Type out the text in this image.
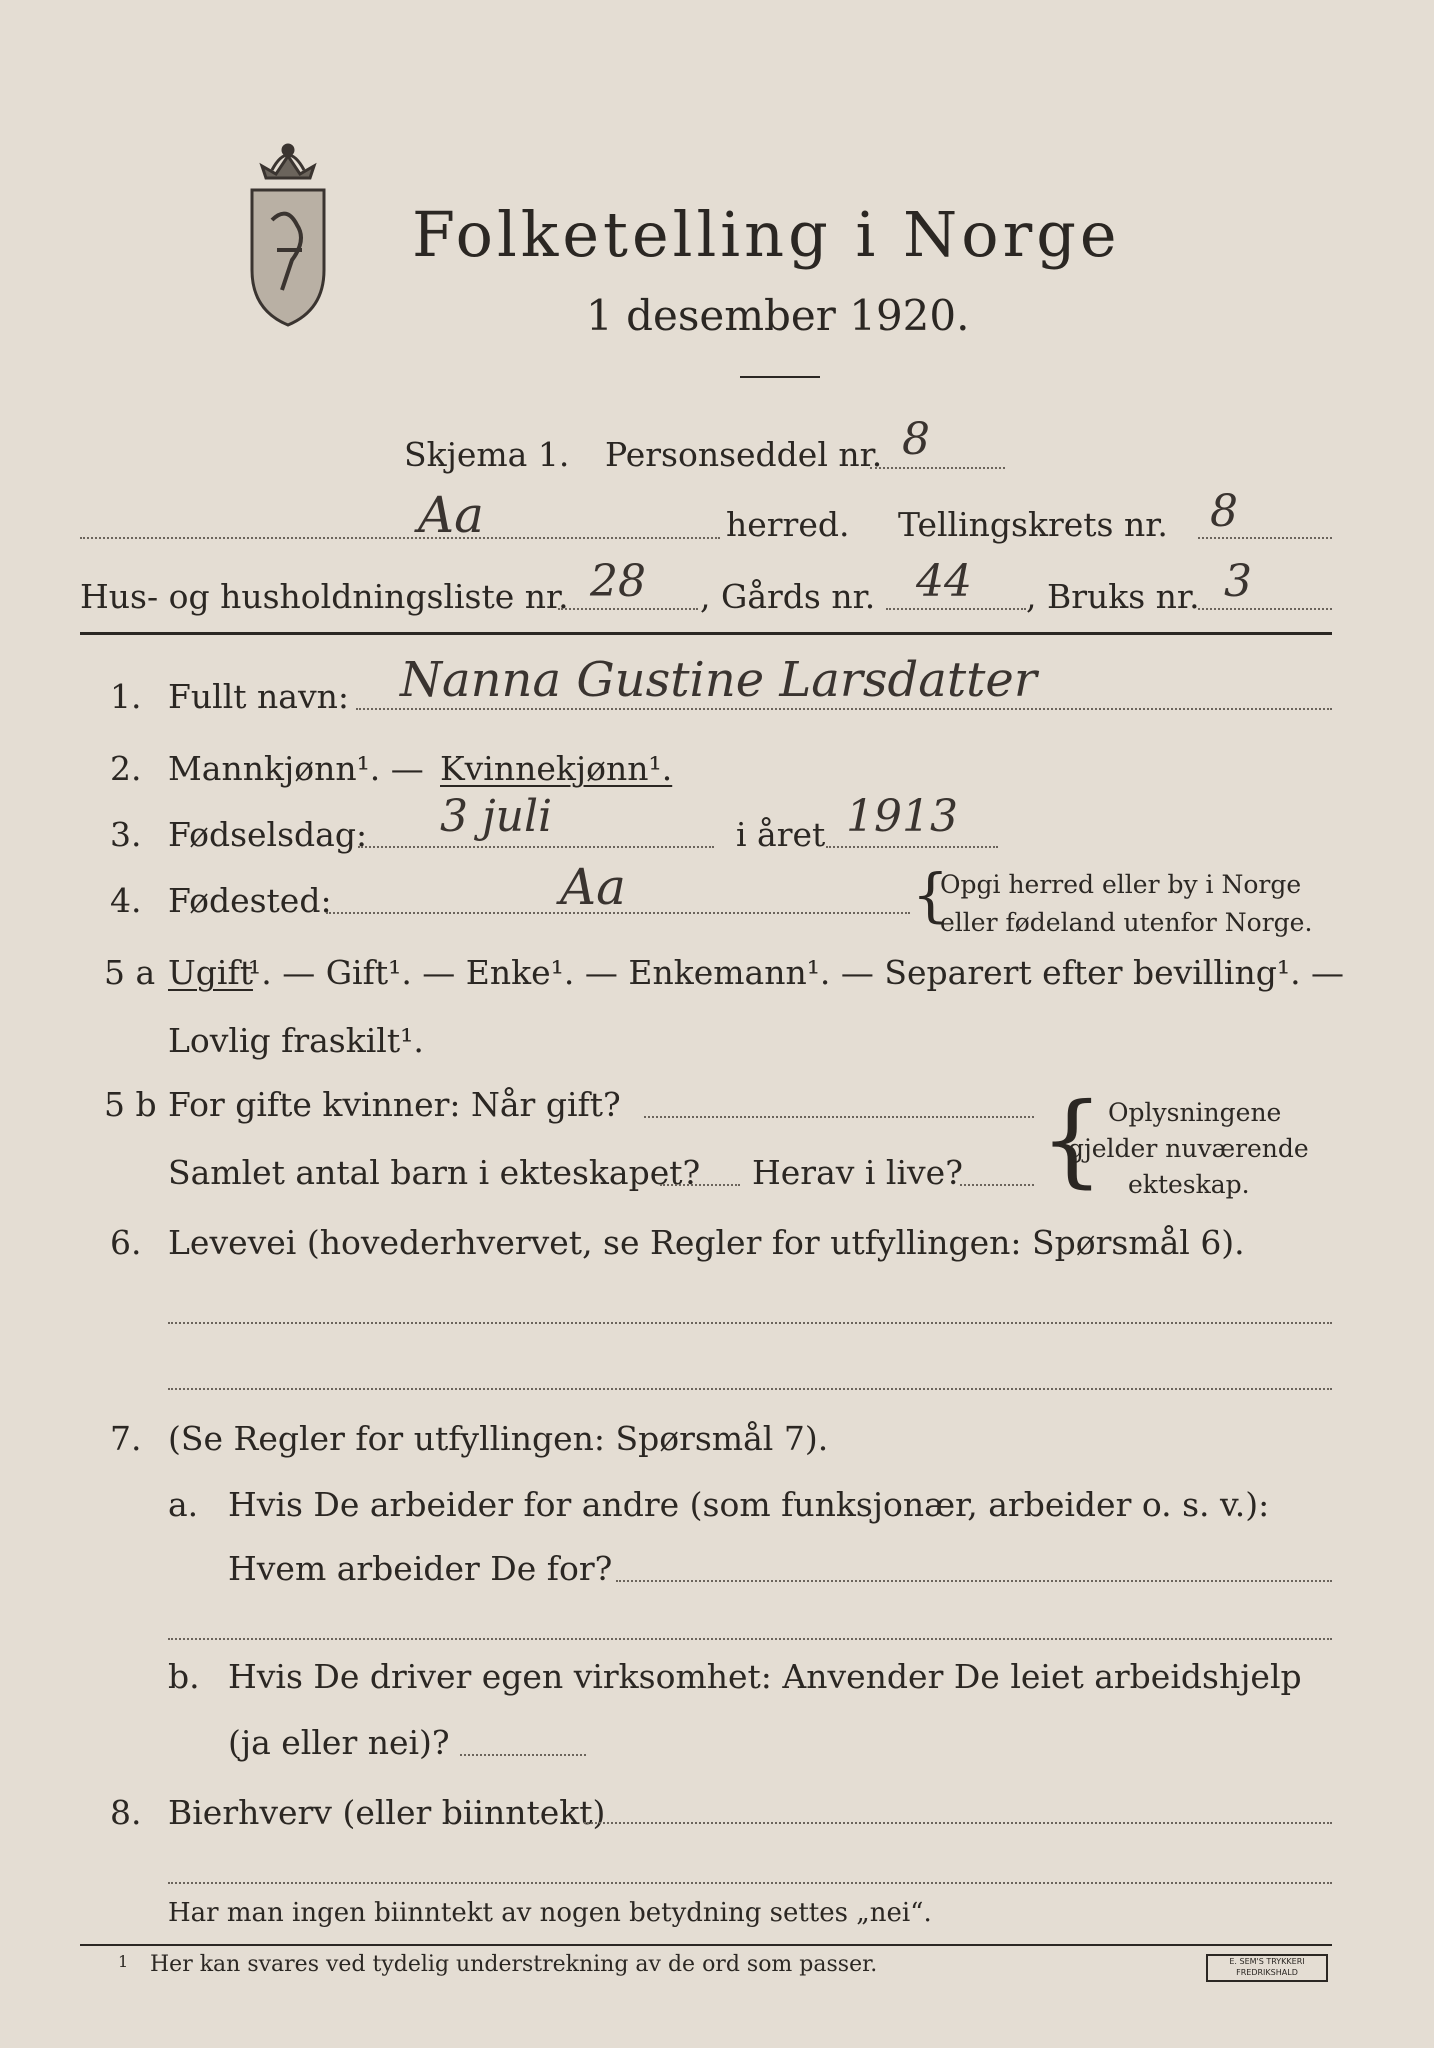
Folketelling i Norge
1 desember 1920.
Skjema 1. Personseddel nr. 8
Aa	herred. Tellingskrets nr. 8
Hus- og husholdningsliste nr. 28 , Gårds nr. 44 , Bruks nr. 3
1. Fullt navn: Nanna Gustine Larsdatter
2. Mannkjønn¹. — Kvinnekjønn¹.
3. Fødselsdag: 3 juli	i året 1913
4. Fødested:	Aa	{
Opgi herred eller by i Norge
eller fødeland utenfor Norge.
5 a Ugift
¹. — Gift¹. — Enke¹. — Enkemann¹. — Separert efter bevilling¹. —
Lovlig fraskilt¹.
5 b For gifte kvinner: Når gift?
Samlet antal barn i ekteskapet? Herav i live? { Oplysningene
gjelder nuværende
ekteskap.
6. Levevei (hovederhvervet, se Regler for utfyllingen: Spørsmål 6).
7. (Se Regler for utfyllingen: Spørsmål 7).
a. Hvis De arbeider for andre (som funksjonær, arbeider o. s. v.):
Hvem arbeider De for?
b. Hvis De driver egen virksomhet: Anvender De leiet arbeidshjelp
(ja eller nei)?
8. Bierhverv (eller biinntekt)
Har man ingen biinntekt av nogen betydning settes „nei“.
1 Her kan svares ved tydelig understrekning av de ord som passer.	E. SEM'S TRYKKERI FREDRIKSHALD
